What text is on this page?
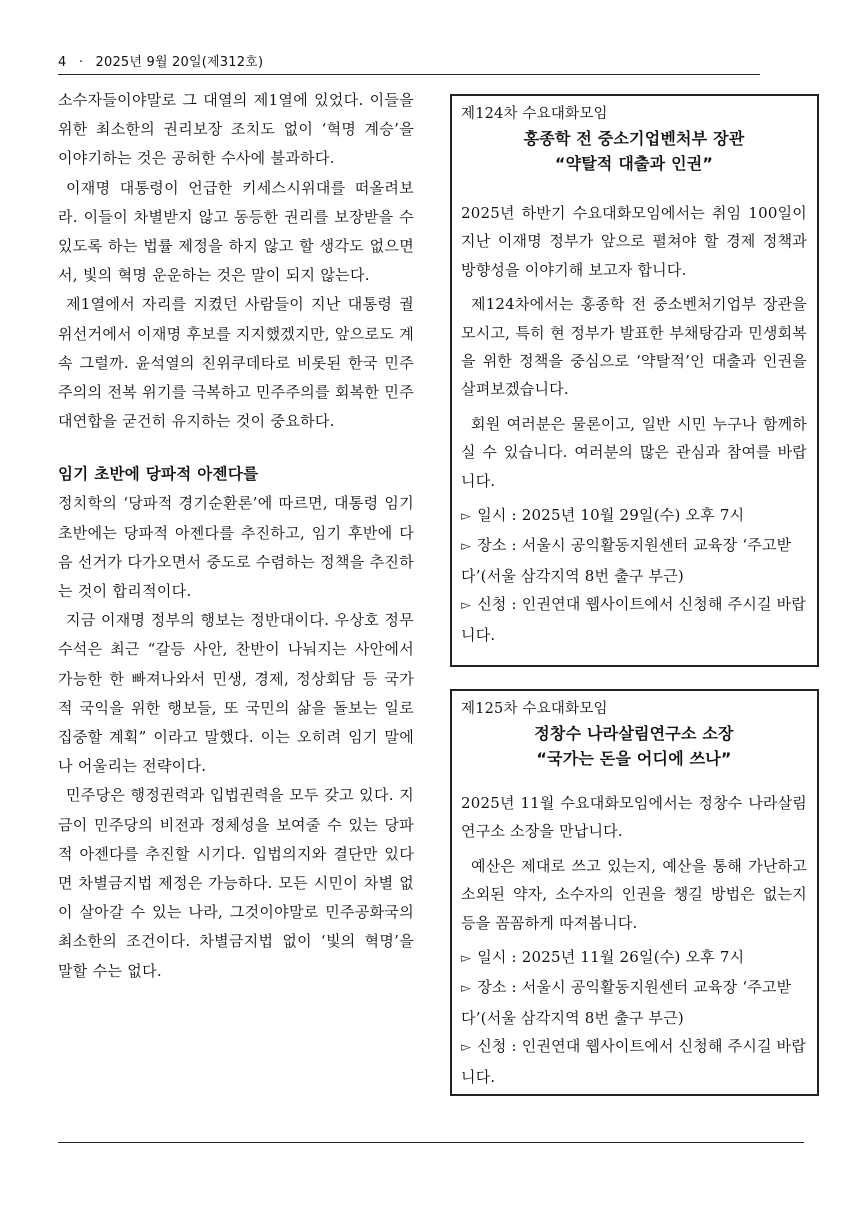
4 · 2025년 9월 20일(제312호)

소수자들이야말로 그 대열의 제1열에 있었다. 이들을 위한 최소한의 권리보장 조치도 없이 ‘혁명 계승’을 이야기하는 것은 공허한 수사에 불과하다.

이재명 대통령이 언급한 키세스시위대를 떠올려보라. 이들이 차별받지 않고 동등한 권리를 보장받을 수 있도록 하는 법률 제정을 하지 않고 할 생각도 없으면서, 빛의 혁명 운운하는 것은 말이 되지 않는다.

제1열에서 자리를 지켰던 사람들이 지난 대통령 궐위선거에서 이재명 후보를 지지했겠지만, 앞으로도 계속 그럴까. 윤석열의 친위쿠데타로 비롯된 한국 민주주의의 전복 위기를 극복하고 민주주의를 회복한 민주대연합을 굳건히 유지하는 것이 중요하다.

임기 초반에 당파적 아젠다를

정치학의 ‘당파적 경기순환론’에 따르면, 대통령 임기 초반에는 당파적 아젠다를 추진하고, 임기 후반에 다음 선거가 다가오면서 중도로 수렴하는 정책을 추진하는 것이 합리적이다.

지금 이재명 정부의 행보는 정반대이다. 우상호 정무수석은 최근 “갈등 사안, 찬반이 나눠지는 사안에서 가능한 한 빠져나와서 민생, 경제, 정상회담 등 국가적 국익을 위한 행보들, 또 국민의 삶을 돌보는 일로 집중할 계획” 이라고 말했다. 이는 오히려 임기 말에나 어울리는 전략이다.

민주당은 행정권력과 입법권력을 모두 갖고 있다. 지금이 민주당의 비전과 정체성을 보여줄 수 있는 당파적 아젠다를 추진할 시기다. 입법의지와 결단만 있다면 차별금지법 제정은 가능하다. 모든 시민이 차별 없이 살아갈 수 있는 나라, 그것이야말로 민주공화국의 최소한의 조건이다. 차별금지법 없이 ‘빛의 혁명’을 말할 수는 없다.

제124차 수요대화모임

홍종학 전 중소기업벤처부 장관

“약탈적 대출과 인권”

2025년 하반기 수요대화모임에서는 취임 100일이 지난 이재명 정부가 앞으로 펼쳐야 할 경제 정책과 방향성을 이야기해 보고자 합니다.

제124차에서는 홍종학 전 중소벤처기업부 장관을 모시고, 특히 현 정부가 발표한 부채탕감과 민생회복을 위한 정책을 중심으로 ‘약탈적’인 대출과 인권을 살펴보겠습니다.

회원 여러분은 물론이고, 일반 시민 누구나 함께하실 수 있습니다. 여러분의 많은 관심과 참여를 바랍니다.

▻ 일시 : 2025년 10월 29일(수) 오후 7시

▻ 장소 : 서울시 공익활동지원센터 교육장 ‘주고받다’(서울 삼각지역 8번 출구 부근)

▻ 신청 : 인권연대 웹사이트에서 신청해 주시길 바랍니다.

제125차 수요대화모임

정창수 나라살림연구소 소장

“국가는 돈을 어디에 쓰나”

2025년 11월 수요대화모임에서는 정창수 나라살림연구소 소장을 만납니다.

예산은 제대로 쓰고 있는지, 예산을 통해 가난하고 소외된 약자, 소수자의 인권을 챙길 방법은 없는지 등을 꼼꼼하게 따져봅니다.

▻ 일시 : 2025년 11월 26일(수) 오후 7시

▻ 장소 : 서울시 공익활동지원센터 교육장 ‘주고받다’(서울 삼각지역 8번 출구 부근)

▻ 신청 : 인권연대 웹사이트에서 신청해 주시길 바랍니다.
